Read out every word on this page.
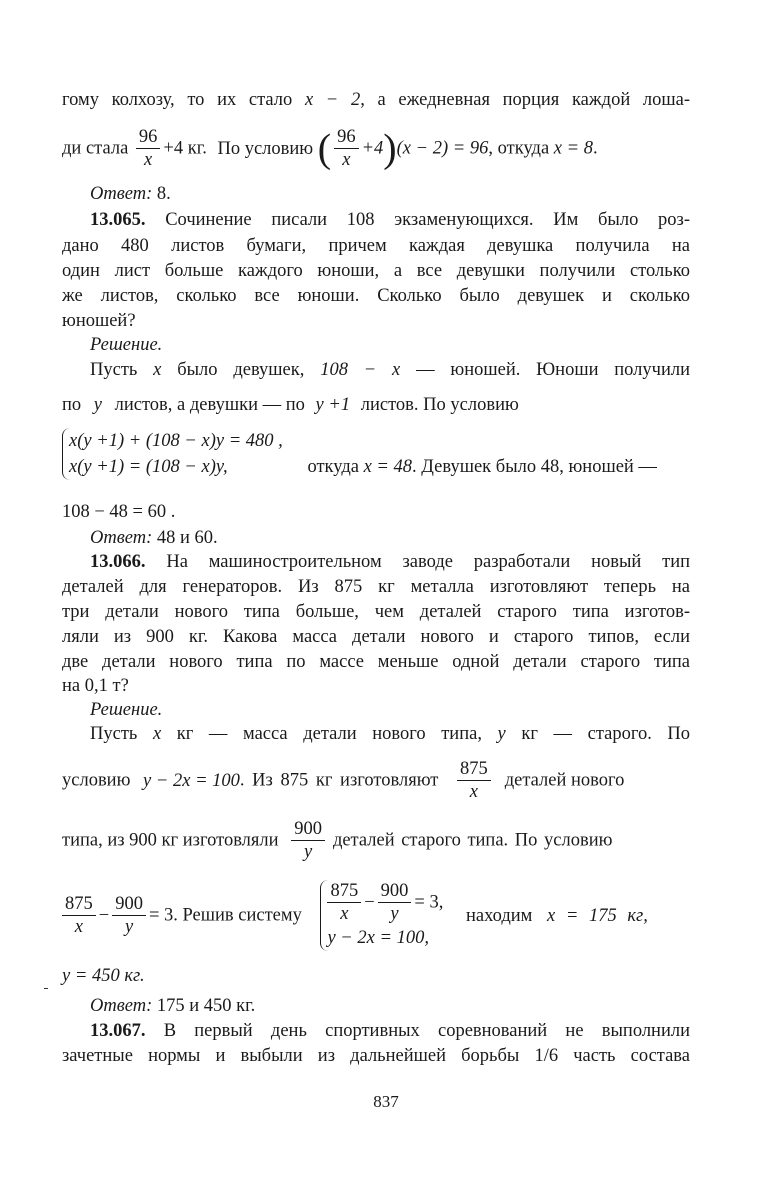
гому колхозу, то их стало x − 2, а ежедневная порция каждой лоша-
ди стала $\frac{96}{x} +4$ кг. По условию ( $\frac{96}{x} +4)(x - 2) = 96$, откуда x = 8.
Ответ: 8.
13.065. Сочинение писали 108 экзаменующихся. Им было роз-
дано 480 листов бумаги, причем каждая девушка получила на
один лист больше каждого юноши, а все девушки получили столько
же листов, сколько все юноши. Сколько было девушек и сколько
юношей?
Решение.
Пусть x было девушек, 108 − x — юношей. Юноши получили
по y листов, а девушки — по y +1 листов. По условию
x(y +1) + (108 − x)y = 480 ,
x(y +1) = (108 − x)y,	откуда x = 48. Девушек было 48, юношей —
108 − 48 = 60 .
Ответ: 48 и 60.
13.066. На машиностроительном заводе разработали новый тип
деталей для генераторов. Из 875 кг металла изготовляют теперь на
три детали нового типа больше, чем деталей старого типа изготов-
ляли из 900 кг. Какова масса детали нового и старого типов, если
две детали нового типа по массе меньше одной детали старого типа
на 0,1 т?
Решение.
Пусть x кг — масса детали нового типа, y кг — старого. По
условию y − 2x = 100. Из 875 кг изготовляют $\frac{875}{x}$ деталей нового
типа, из 900 кг изготовляли $\frac{900}{y}$ деталей старого типа. По условию
$\frac{875}{x} - \frac{900}{y} = 3$. Решив систему $\frac{875}{x} - \frac{900}{y} = 3$,
y − 2x = 100,
находим x = 175 кг,
y = 450 кг.
Ответ: 175 и 450 кг.
13.067. В первый день спортивных соревнований не выполнили
зачетные нормы и выбыли из дальнейшей борьбы 1/6 часть состава
837
